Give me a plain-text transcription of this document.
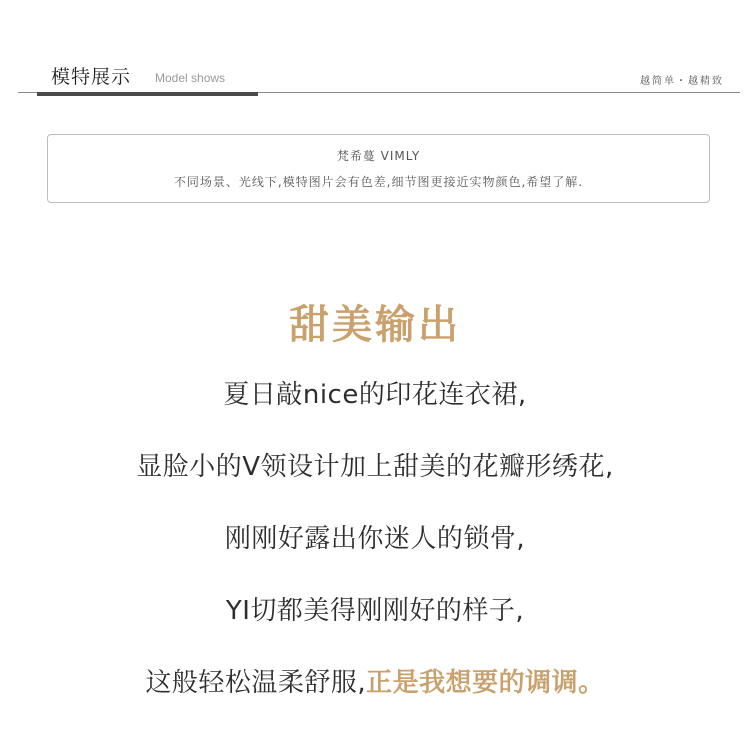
模特展示 Model shows	越简单・越精致
梵希蔓 VIMLY
不同场景、光线下,模特图片会有色差,细节图更接近实物颜色,希望了解.
甜美输出
夏日敲nice的印花连衣裙,
显脸小的V领设计加上甜美的花瓣形绣花,
刚刚好露出你迷人的锁骨,
YI切都美得刚刚好的样子,
这般轻松温柔舒服,正是我想要的调调。
